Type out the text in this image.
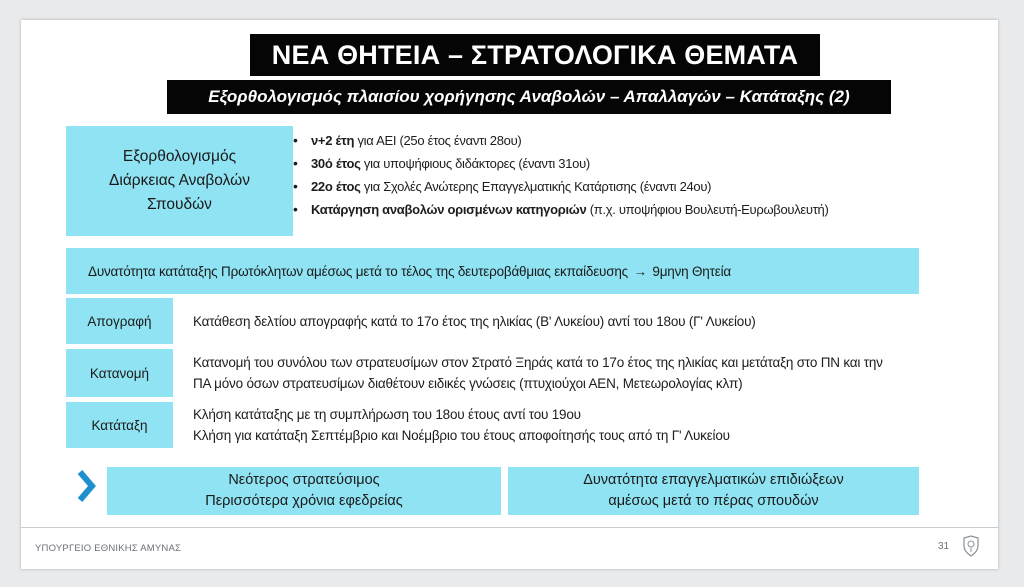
ΝΕΑ ΘΗΤΕΙΑ – ΣΤΡΑΤΟΛΟΓΙΚΑ ΘΕΜΑΤΑ
Εξορθολογισμός πλαισίου χορήγησης Αναβολών – Απαλλαγών – Κατάταξης (2)
Εξορθολογισμός
Διάρκειας Αναβολών
Σπουδών
• ν+2 έτη για ΑΕΙ (25ο έτος έναντι 28ου)
• 30ό έτος για υποψήφιους διδάκτορες (έναντι 31ου)
• 22ο έτος για Σχολές Ανώτερης Επαγγελματικής Κατάρτισης (έναντι 24ου)
• Κατάργηση αναβολών ορισμένων κατηγοριών (π.χ. υποψήφιου Βουλευτή-Ευρωβουλευτή)
Δυνατότητα κατάταξης Πρωτόκλητων αμέσως μετά το τέλος της δευτεροβάθμιας εκπαίδευσης
→
9μηνη Θητεία
Απογραφή	Κατάθεση δελτίου απογραφής κατά το 17ο έτος της ηλικίας (Β' Λυκείου) αντί του 18ου (Γ' Λυκείου)
Κατανομή
Κατανομή του συνόλου των στρατευσίμων στον Στρατό Ξηράς κατά το 17ο έτος της ηλικίας και μετάταξη στο ΠΝ και την
ΠΑ μόνο όσων στρατευσίμων διαθέτουν ειδικές γνώσεις (πτυχιούχοι ΑΕΝ, Μετεωρολογίας κλπ)
Κατάταξη
Κλήση κατάταξης με τη συμπλήρωση του 18ου έτους αντί του 19ου
Κλήση για κατάταξη Σεπτέμβριο και Νοέμβριο του έτους αποφοίτησής τους από τη Γ' Λυκείου
Νεότερος στρατεύσιμος
Περισσότερα χρόνια εφεδρείας
Δυνατότητα επαγγελματικών επιδιώξεων
αμέσως μετά το πέρας σπουδών
ΥΠΟΥΡΓΕΙΟ ΕΘΝΙΚΗΣ ΑΜΥΝΑΣ	31
